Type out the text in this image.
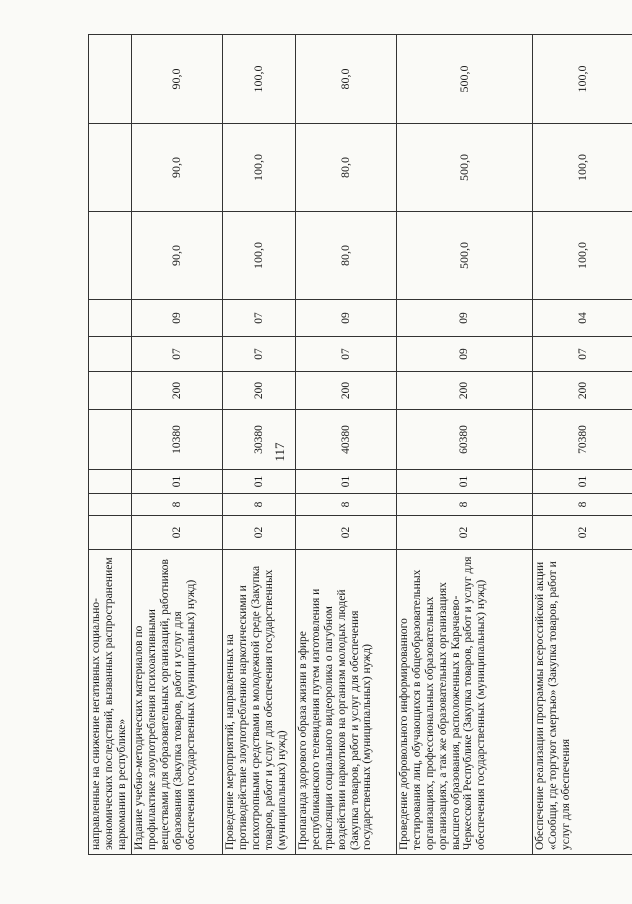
117
направленные на снижение негативных социально-экономических последствий, вызванных распространением наркомании в республике»										
Издание учебно-методических материалов по профилактике злоупотребления психоактивными веществами для образовательных организаций, работников образования (Закупка товаров, работ и услуг для обеспечения государственных (муниципальных) нужд)	02	8	01	10380	200	07	09	90,0	90,0	90,0
Проведение мероприятий, направленных на противодействие злоупотреблению наркотическими и психотропными средствами в молодежной среде (Закупка товаров, работ и услуг для обеспечения государственных (муниципальных) нужд)	02	8	01	30380	200	07	07	100,0	100,0	100,0
Пропаганда здорового образа жизни в эфире республиканского телевидения путем изготовления и трансляции социального видеоролика о пагубном воздействии наркотиков на организм молодых людей (Закупка товаров, работ и услуг для обеспечения государственных (муниципальных) нужд)	02	8	01	40380	200	07	09	80,0	80,0	80,0
Проведение добровольного информированного тестирования лиц, обучающихся в общеобразовательных организациях, профессиональных образовательных организациях, а так же образовательных организациях высшего образования, расположенных в Карачаево-Черкесской Республике (Закупка товаров, работ и услуг для обеспечения государственных (муниципальных) нужд)	02	8	01	60380	200	09	09	500,0	500,0	500,0
Обеспечение реализации программы всероссийской акции «Сообщи, где торгуют смертью» (Закупка товаров, работ и услуг для обеспечения	02	8	01	70380	200	07	04	100,0	100,0	100,0
